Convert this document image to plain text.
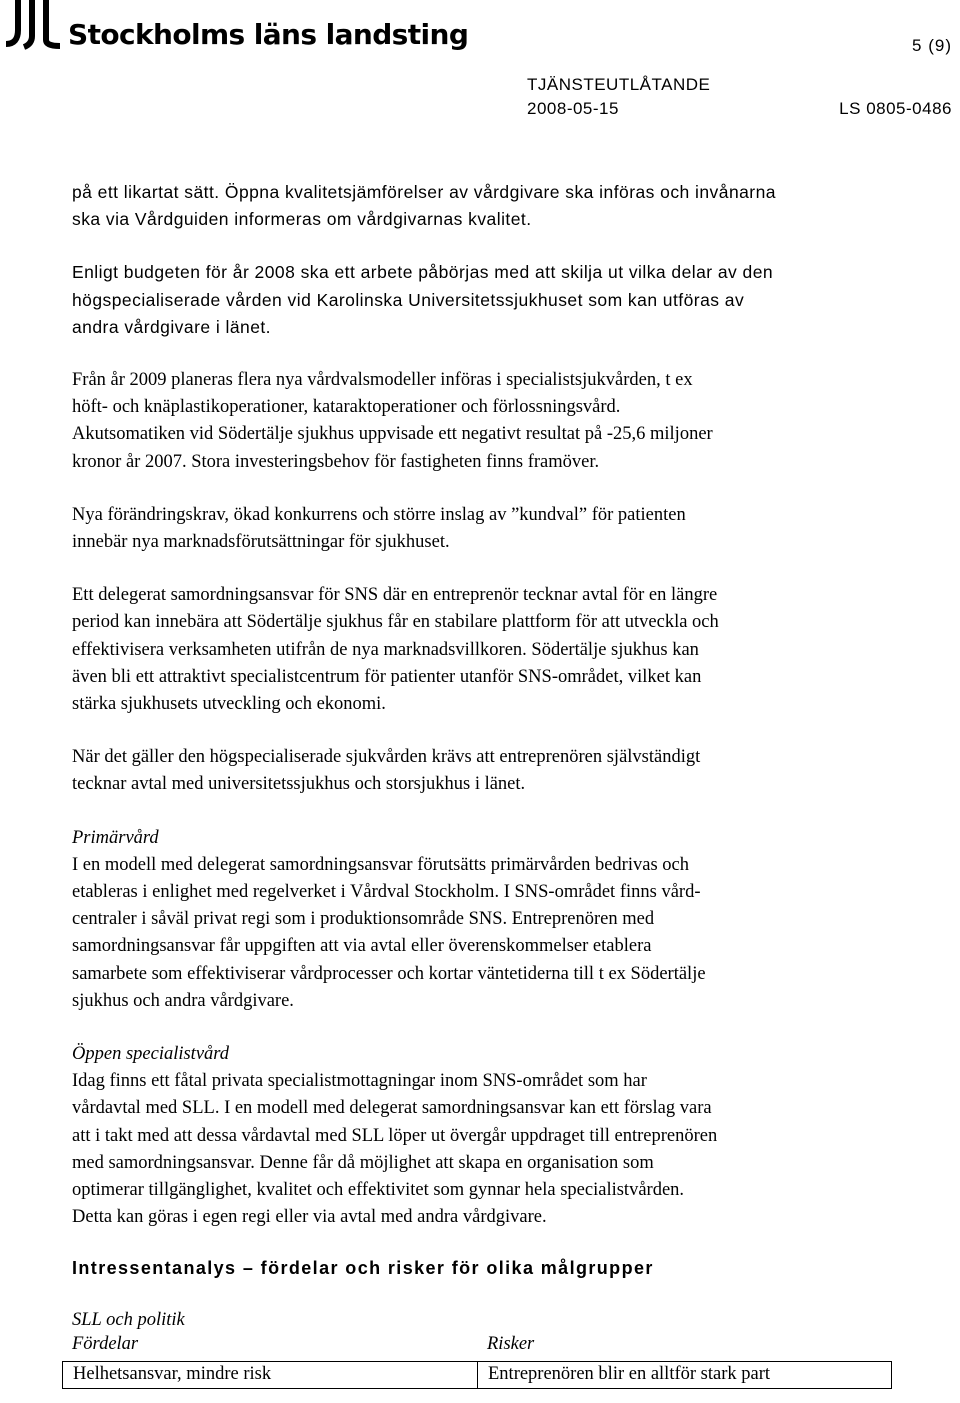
Stockholms läns landsting	5 (9)
TJÄNSTEUTLÅTANDE
2008-05-15	LS 0805-0486
på ett likartat sätt. Öppna kvalitetsjämförelser av vårdgivare ska införas och invånarna
ska via Vårdguiden informeras om vårdgivarnas kvalitet.
Enligt budgeten för år 2008 ska ett arbete påbörjas med att skilja ut vilka delar av den
högspecialiserade vården vid Karolinska Universitetssjukhuset som kan utföras av
andra vårdgivare i länet.
Från år 2009 planeras flera nya vårdvalsmodeller införas i specialistsjukvården, t ex
höft- och knäplastikoperationer, kataraktoperationer och förlossningsvård.
Akutsomatiken vid Södertälje sjukhus uppvisade ett negativt resultat på -25,6 miljoner
kronor år 2007. Stora investeringsbehov för fastigheten finns framöver.
Nya förändringskrav, ökad konkurrens och större inslag av ”kundval” för patienten
innebär nya marknadsförutsättningar för sjukhuset.
Ett delegerat samordningsansvar för SNS där en entreprenör tecknar avtal för en längre
period kan innebära att Södertälje sjukhus får en stabilare plattform för att utveckla och
effektivisera verksamheten utifrån de nya marknadsvillkoren. Södertälje sjukhus kan
även bli ett attraktivt specialistcentrum för patienter utanför SNS-området, vilket kan
stärka sjukhusets utveckling och ekonomi.
När det gäller den högspecialiserade sjukvården krävs att entreprenören självständigt
tecknar avtal med universitetssjukhus och storsjukhus i länet.
Primärvård
I en modell med delegerat samordningsansvar förutsätts primärvården bedrivas och
etableras i enlighet med regelverket i Vårdval Stockholm. I SNS-området finns vård-
centraler i såväl privat regi som i produktionsområde SNS. Entreprenören med
samordningsansvar får uppgiften att via avtal eller överenskommelser etablera
samarbete som effektiviserar vårdprocesser och kortar väntetiderna till t ex Södertälje
sjukhus och andra vårdgivare.
Öppen specialistvård
Idag finns ett fåtal privata specialistmottagningar inom SNS-området som har
vårdavtal med SLL. I en modell med delegerat samordningsansvar kan ett förslag vara
att i takt med att dessa vårdavtal med SLL löper ut övergår uppdraget till entreprenören
med samordningsansvar. Denne får då möjlighet att skapa en organisation som
optimerar tillgänglighet, kvalitet och effektivitet som gynnar hela specialistvården.
Detta kan göras i egen regi eller via avtal med andra vårdgivare.
Intressentanalys – fördelar och risker för olika målgrupper
SLL och politik
Fördelar	Risker
Helhetsansvar, mindre risk	Entreprenören blir en alltför stark part
